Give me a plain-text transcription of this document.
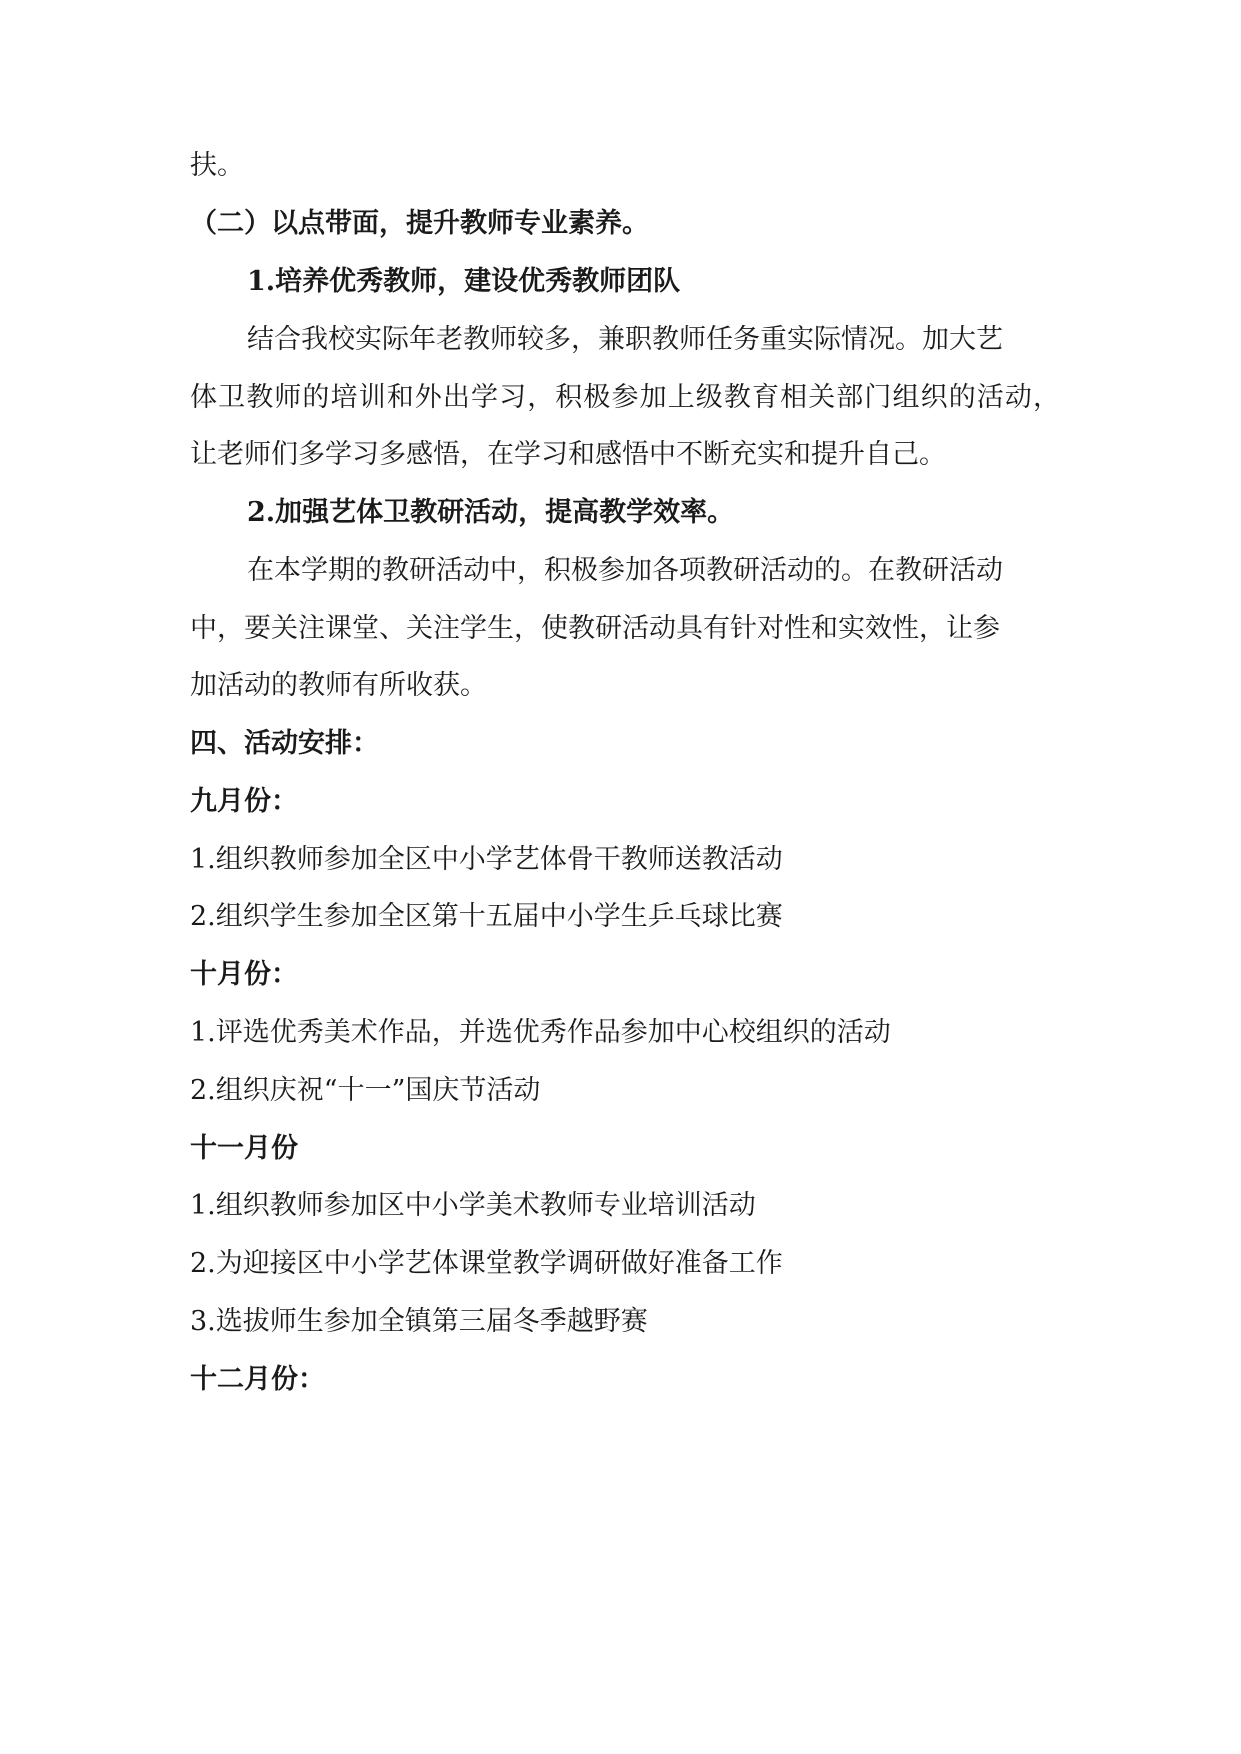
扶。
（二）以点带面，提升教师专业素养。
1.培养优秀教师，建设优秀教师团队
结合我校实际年老教师较多，兼职教师任务重实际情况。加大艺
体卫教师的培训和外出学习，积极参加上级教育相关部门组织的活动，
让老师们多学习多感悟，在学习和感悟中不断充实和提升自己。
2.加强艺体卫教研活动，提高教学效率。
在本学期的教研活动中，积极参加各项教研活动的。在教研活动
中，要关注课堂、关注学生，使教研活动具有针对性和实效性，让参
加活动的教师有所收获。
四、活动安排：
九月份：
1.组织教师参加全区中小学艺体骨干教师送教活动
2.组织学生参加全区第十五届中小学生乒乓球比赛
十月份：
1.评选优秀美术作品，并选优秀作品参加中心校组织的活动
2.组织庆祝“十一”国庆节活动
十一月份
1.组织教师参加区中小学美术教师专业培训活动
2.为迎接区中小学艺体课堂教学调研做好准备工作
3.选拔师生参加全镇第三届冬季越野赛
十二月份：
